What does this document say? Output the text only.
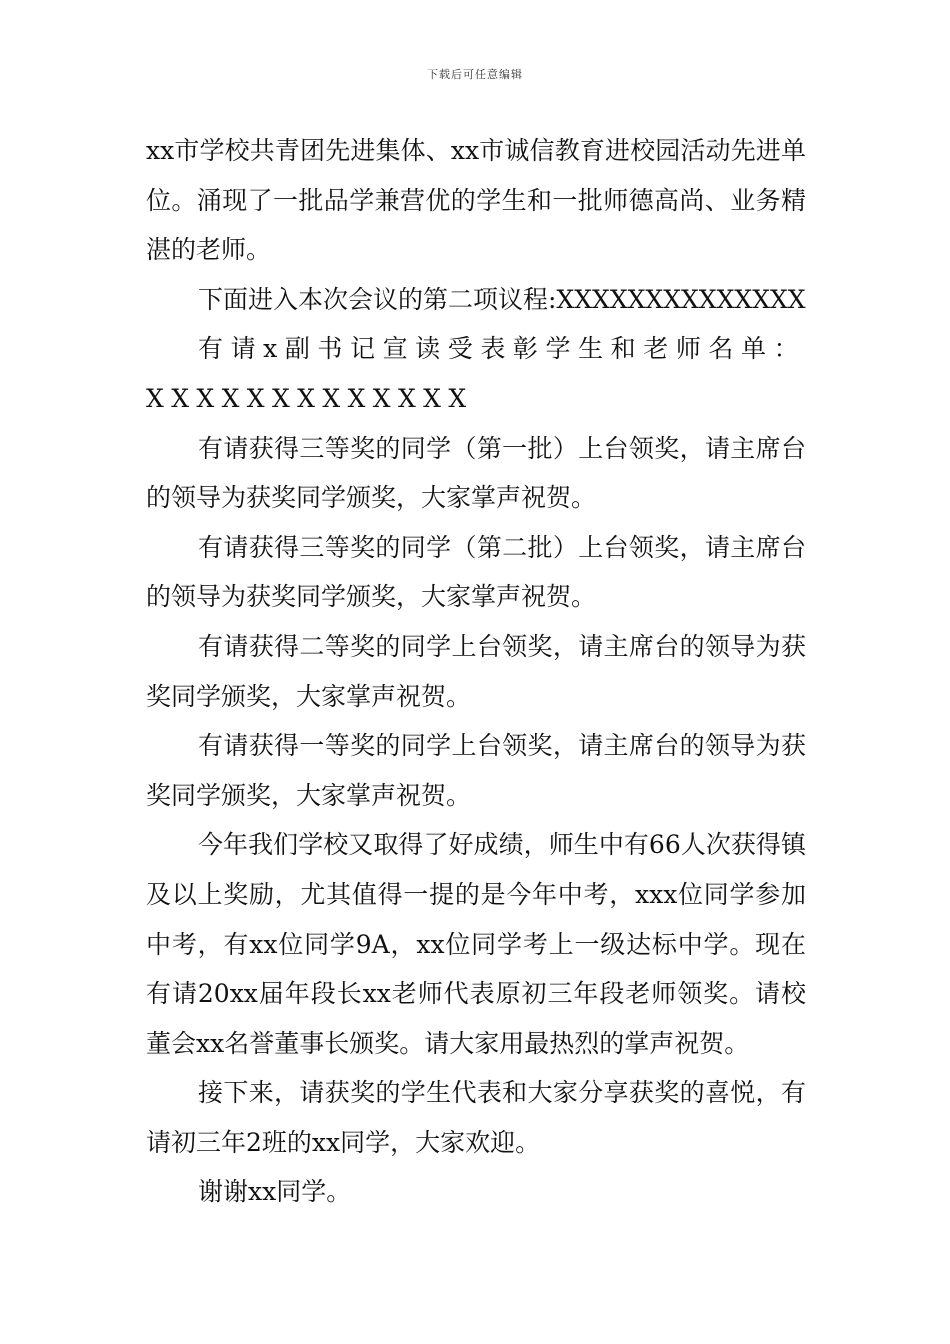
下载后可任意编辑

xx市学校共青团先进集体、xx市诚信教育进校园活动先进单位。涌现了一批品学兼营优的学生和一批师德高尚、业务精湛的老师。

下面进入本次会议的第二项议程:XXXXXXXXXXXXXX

有请x副书记宣读受表彰学生和老师名单：XXXXXXXXXXXXX

有请获得三等奖的同学（第一批）上台领奖，请主席台的领导为获奖同学颁奖，大家掌声祝贺。

有请获得三等奖的同学（第二批）上台领奖，请主席台的领导为获奖同学颁奖，大家掌声祝贺。

有请获得二等奖的同学上台领奖，请主席台的领导为获奖同学颁奖，大家掌声祝贺。

有请获得一等奖的同学上台领奖，请主席台的领导为获奖同学颁奖，大家掌声祝贺。

今年我们学校又取得了好成绩，师生中有66人次获得镇及以上奖励，尤其值得一提的是今年中考，xxx位同学参加中考，有xx位同学9A，xx位同学考上一级达标中学。现在有请20xx届年段长xx老师代表原初三年段老师领奖。请校董会xx名誉董事长颁奖。请大家用最热烈的掌声祝贺。

接下来，请获奖的学生代表和大家分享获奖的喜悦，有请初三年2班的xx同学，大家欢迎。

谢谢xx同学。
